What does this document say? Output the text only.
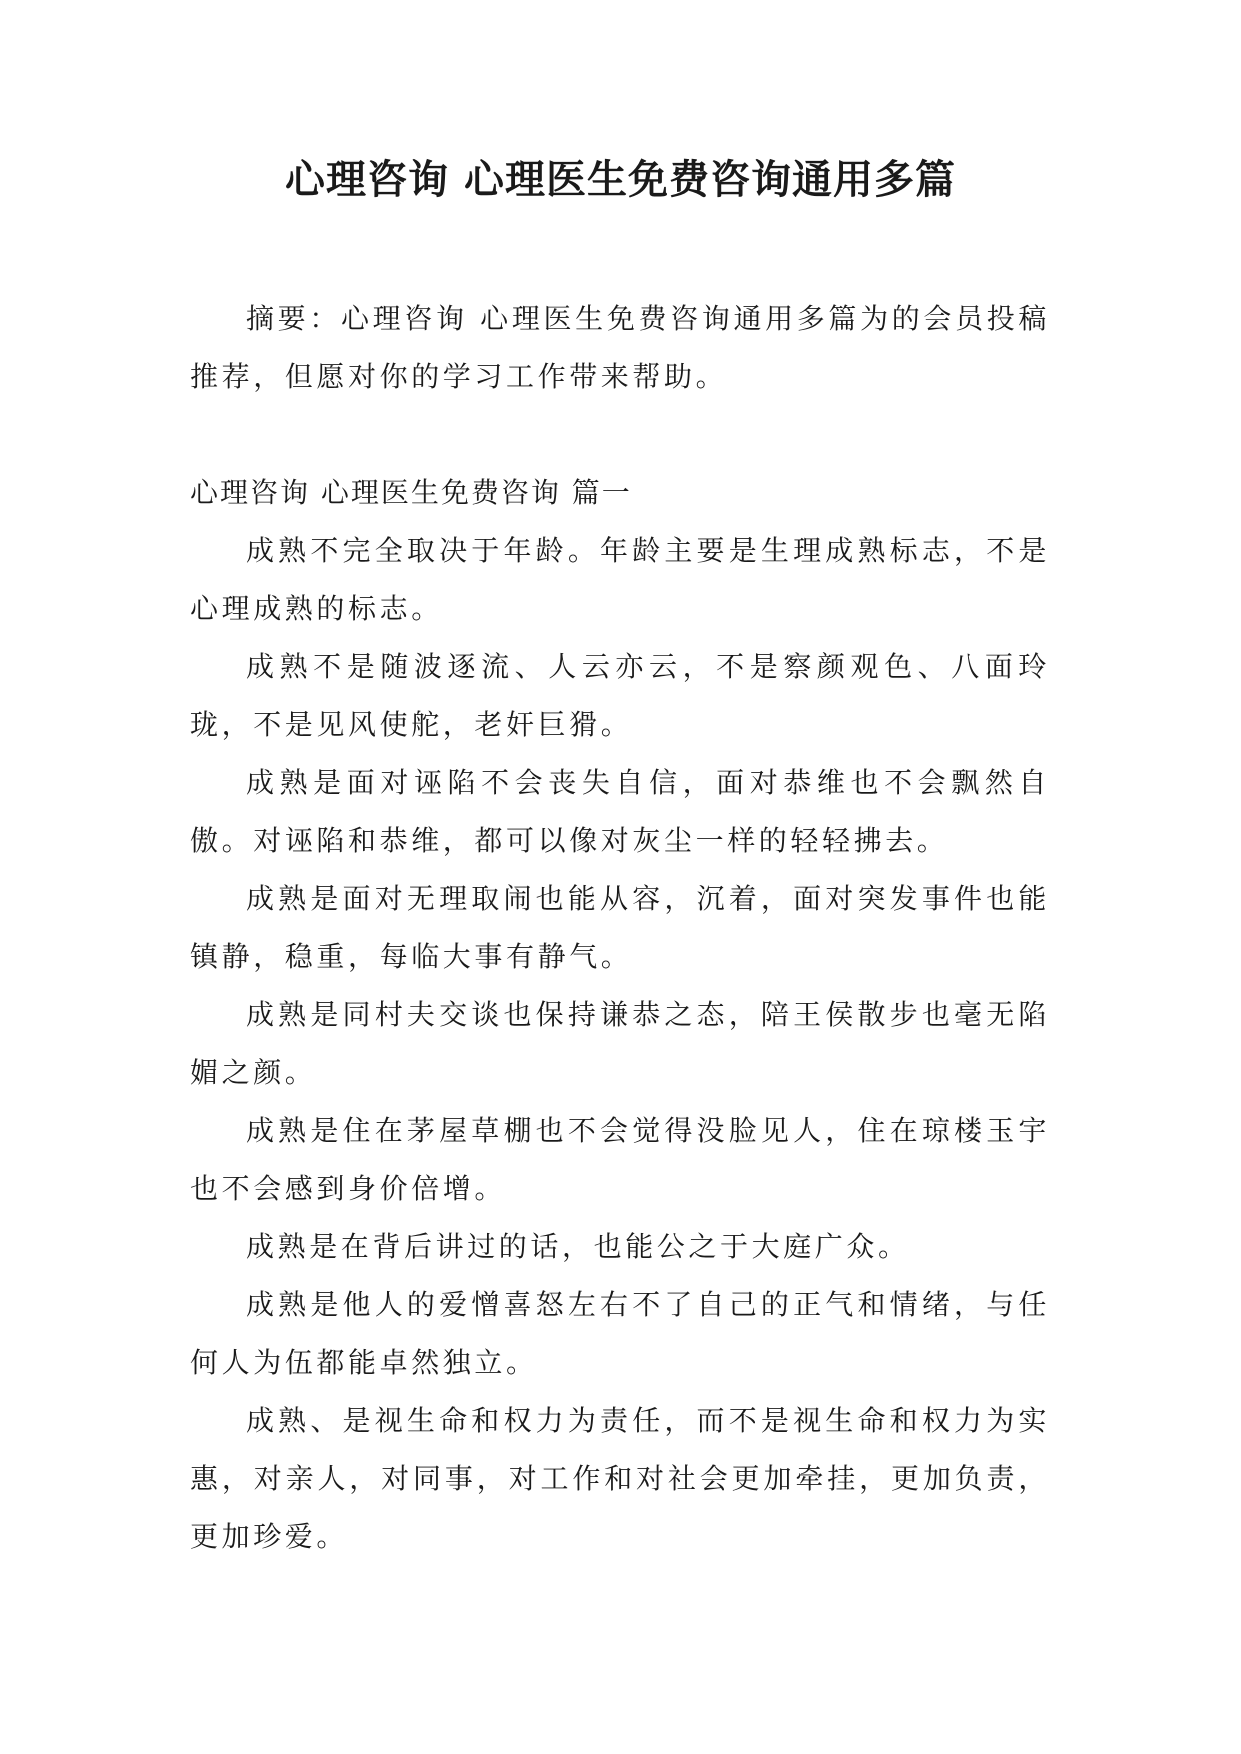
心理咨询 心理医生免费咨询通用多篇

摘要：心理咨询 心理医生免费咨询通用多篇为的会员投稿推荐，但愿对你的学习工作带来帮助。

心理咨询 心理医生免费咨询 篇一

成熟不完全取决于年龄。年龄主要是生理成熟标志，不是心理成熟的标志。

成熟不是随波逐流、人云亦云，不是察颜观色、八面玲珑，不是见风使舵，老奸巨猾。

成熟是面对诬陷不会丧失自信，面对恭维也不会飘然自傲。对诬陷和恭维，都可以像对灰尘一样的轻轻拂去。

成熟是面对无理取闹也能从容，沉着，面对突发事件也能镇静，稳重，每临大事有静气。

成熟是同村夫交谈也保持谦恭之态，陪王侯散步也毫无陷媚之颜。

成熟是住在茅屋草棚也不会觉得没脸见人，住在琼楼玉宇也不会感到身价倍增。

成熟是在背后讲过的话，也能公之于大庭广众。

成熟是他人的爱憎喜怒左右不了自己的正气和情绪，与任何人为伍都能卓然独立。

成熟、是视生命和权力为责任，而不是视生命和权力为实惠，对亲人，对同事，对工作和对社会更加牵挂，更加负责，更加珍爱。
